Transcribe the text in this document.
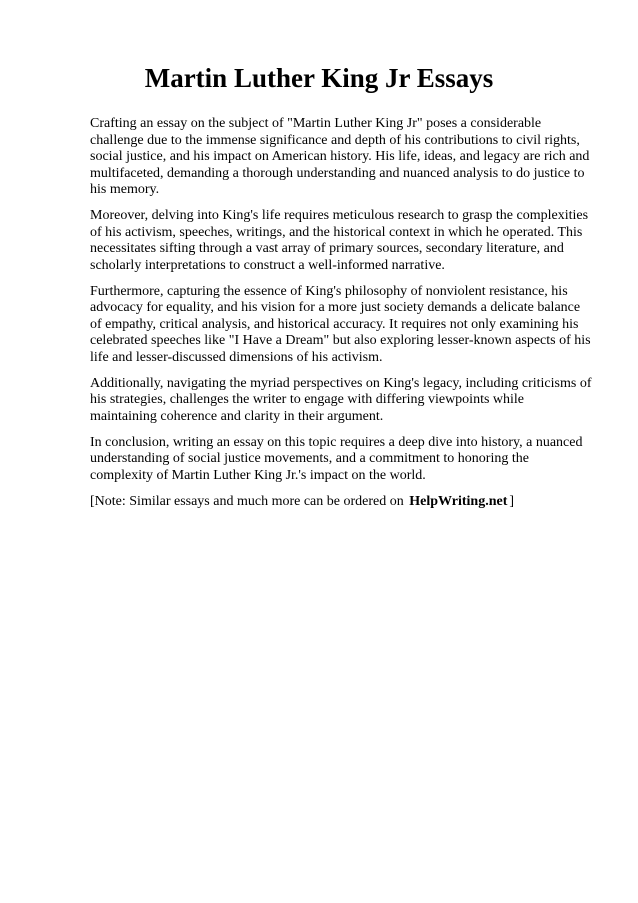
Martin Luther King Jr Essays

Crafting an essay on the subject of "Martin Luther King Jr" poses a considerable challenge due to the immense significance and depth of his contributions to civil rights, social justice, and his impact on American history. His life, ideas, and legacy are rich and multifaceted, demanding a thorough understanding and nuanced analysis to do justice to his memory.

Moreover, delving into King's life requires meticulous research to grasp the complexities of his activism, speeches, writings, and the historical context in which he operated. This necessitates sifting through a vast array of primary sources, secondary literature, and scholarly interpretations to construct a well-informed narrative.

Furthermore, capturing the essence of King's philosophy of nonviolent resistance, his advocacy for equality, and his vision for a more just society demands a delicate balance of empathy, critical analysis, and historical accuracy. It requires not only examining his celebrated speeches like "I Have a Dream" but also exploring lesser-known aspects of his life and lesser-discussed dimensions of his activism.

Additionally, navigating the myriad perspectives on King's legacy, including criticisms of his strategies, challenges the writer to engage with differing viewpoints while maintaining coherence and clarity in their argument.

In conclusion, writing an essay on this topic requires a deep dive into history, a nuanced understanding of social justice movements, and a commitment to honoring the complexity of Martin Luther King Jr.'s impact on the world.

[Note: Similar essays and much more can be ordered on HelpWriting.net ]
